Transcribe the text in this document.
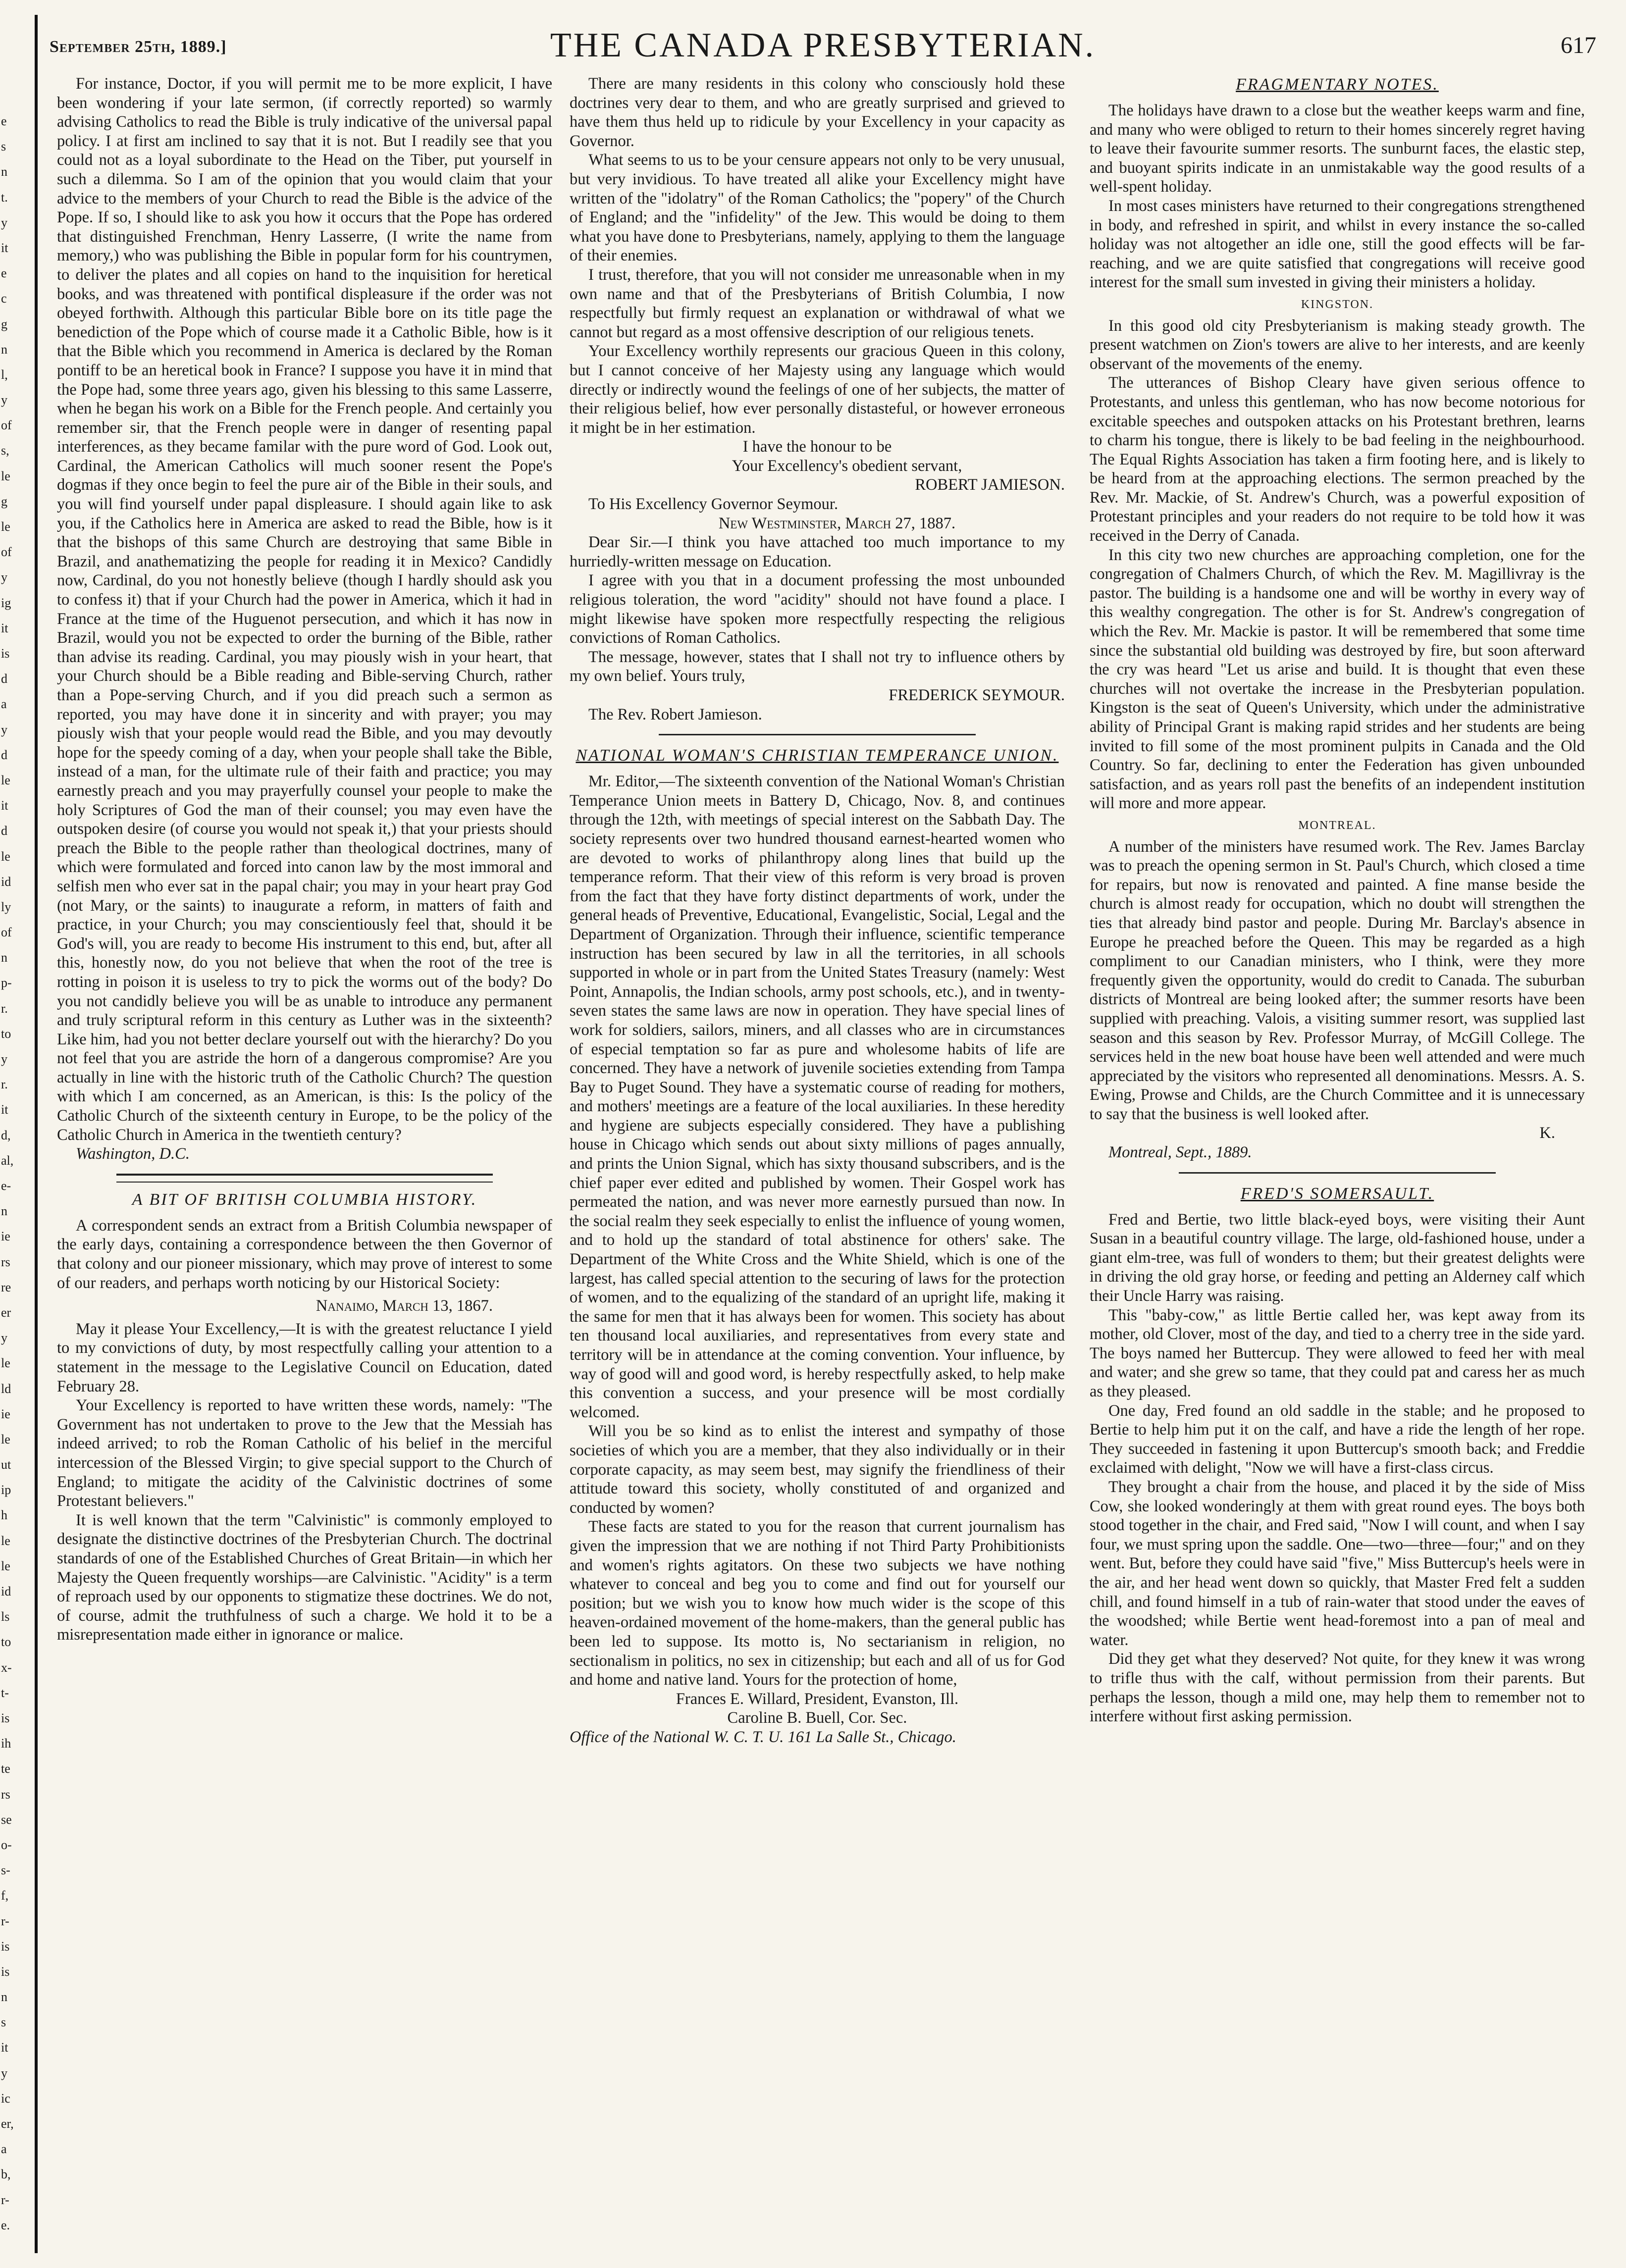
e
s
n
t.
y
it
e
c
g
n
l,
y
of
s,
le
g
le
of
y
ig
it
is
d
a
y
d
le
it
d
le
id
ly
of
n
p-
r.
to
y
r.
it
d,
al,
e-
n
ie
rs
re
er
y
le
ld
ie
le
ut
ip
h
le
le
id
ls
to
x-
t-
is
ih
te
rs
se
o-
s-
f,
r-
is
is
n
s
it
y
ic
er,
a
b,
r-
e.
September 25th, 1889.]	THE CANADA PRESBYTERIAN.	617

For instance, Doctor, if you will permit me to be more explicit, I have been wondering if your late sermon, (if correctly reported) so warmly advising Catholics to read the Bible is truly indicative of the universal papal policy. I at first am inclined to say that it is not. But I readily see that you could not as a loyal subordinate to the Head on the Tiber, put yourself in such a dilemma. So I am of the opinion that you would claim that your advice to the members of your Church to read the Bible is the advice of the Pope. If so, I should like to ask you how it occurs that the Pope has ordered that distinguished Frenchman, Henry Lasserre, (I write the name from memory,) who was publishing the Bible in popular form for his countrymen, to deliver the plates and all copies on hand to the inquisition for heretical books, and was threatened with pontifical displeasure if the order was not obeyed forthwith. Although this particular Bible bore on its title page the benediction of the Pope which of course made it a Catholic Bible, how is it that the Bible which you recommend in America is declared by the Roman pontiff to be an heretical book in France? I suppose you have it in mind that the Pope had, some three years ago, given his blessing to this same Lasserre, when he began his work on a Bible for the French people. And certainly you remember sir, that the French people were in danger of resenting papal interferences, as they became familar with the pure word of God. Look out, Cardinal, the American Catholics will much sooner resent the Pope's dogmas if they once begin to feel the pure air of the Bible in their souls, and you will find yourself under papal displeasure. I should again like to ask you, if the Catholics here in America are asked to read the Bible, how is it that the bishops of this same Church are destroying that same Bible in Brazil, and anathematizing the people for reading it in Mexico? Candidly now, Cardinal, do you not honestly believe (though I hardly should ask you to confess it) that if your Church had the power in America, which it had in France at the time of the Huguenot persecution, and which it has now in Brazil, would you not be expected to order the burning of the Bible, rather than advise its reading. Cardinal, you may piously wish in your heart, that your Church should be a Bible reading and Bible-serving Church, rather than a Pope-serving Church, and if you did preach such a sermon as reported, you may have done it in sincerity and with prayer; you may piously wish that your people would read the Bible, and you may devoutly hope for the speedy coming of a day, when your people shall take the Bible, instead of a man, for the ultimate rule of their faith and practice; you may earnestly preach and you may prayerfully counsel your people to make the holy Scriptures of God the man of their counsel; you may even have the outspoken desire (of course you would not speak it,) that your priests should preach the Bible to the people rather than theological doctrines, many of which were formulated and forced into canon law by the most immoral and selfish men who ever sat in the papal chair; you may in your heart pray God (not Mary, or the saints) to inaugurate a reform, in matters of faith and practice, in your Church; you may conscientiously feel that, should it be God's will, you are ready to become His instrument to this end, but, after all this, honestly now, do you not believe that when the root of the tree is rotting in poison it is useless to try to pick the worms out of the body? Do you not candidly believe you will be as unable to introduce any permanent and truly scriptural reform in this century as Luther was in the sixteenth? Like him, had you not better declare yourself out with the hierarchy? Do you not feel that you are astride the horn of a dangerous compromise? Are you actually in line with the historic truth of the Catholic Church? The question with which I am concerned, as an American, is this: Is the policy of the Catholic Church of the sixteenth century in Europe, to be the policy of the Catholic Church in America in the twentieth century?

Washington, D.C.

A BIT OF BRITISH COLUMBIA HISTORY.

A correspondent sends an extract from a British Columbia newspaper of the early days, containing a correspondence between the then Governor of that colony and our pioneer missionary, which may prove of interest to some of our readers, and perhaps worth noticing by our Historical Society:

Nanaimo, March 13, 1867.

May it please Your Excellency,—It is with the greatest reluctance I yield to my convictions of duty, by most respectfully calling your attention to a statement in the message to the Legislative Council on Education, dated February 28.

Your Excellency is reported to have written these words, namely: "The Government has not undertaken to prove to the Jew that the Messiah has indeed arrived; to rob the Roman Catholic of his belief in the merciful intercession of the Blessed Virgin; to give special support to the Church of England; to mitigate the acidity of the Calvinistic doctrines of some Protestant believers."

It is well known that the term "Calvinistic" is commonly employed to designate the distinctive doctrines of the Presbyterian Church. The doctrinal standards of one of the Established Churches of Great Britain—in which her Majesty the Queen frequently worships—are Calvinistic. "Acidity" is a term of reproach used by our opponents to stigmatize these doctrines. We do not, of course, admit the truthfulness of such a charge. We hold it to be a misrepresentation made either in ignorance or malice.

There are many residents in this colony who consciously hold these doctrines very dear to them, and who are greatly surprised and grieved to have them thus held up to ridicule by your Excellency in your capacity as Governor.

What seems to us to be your censure appears not only to be very unusual, but very invidious. To have treated all alike your Excellency might have written of the "idolatry" of the Roman Catholics; the "popery" of the Church of England; and the "infidelity" of the Jew. This would be doing to them what you have done to Presbyterians, namely, applying to them the language of their enemies.

I trust, therefore, that you will not consider me unreasonable when in my own name and that of the Presbyterians of British Columbia, I now respectfully but firmly request an explanation or withdrawal of what we cannot but regard as a most offensive description of our religious tenets.

Your Excellency worthily represents our gracious Queen in this colony, but I cannot conceive of her Majesty using any language which would directly or indirectly wound the feelings of one of her subjects, the matter of their religious belief, how ever personally distasteful, or however erroneous it might be in her estimation.

I have the honour to be
Your Excellency's obedient servant,
ROBERT JAMIESON.

To His Excellency Governor Seymour.

New Westminster, March 27, 1887.

Dear Sir.—I think you have attached too much importance to my hurriedly-written message on Education.

I agree with you that in a document professing the most unbounded religious toleration, the word "acidity" should not have found a place. I might likewise have spoken more respectfully respecting the religious convictions of Roman Catholics.

The message, however, states that I shall not try to influence others by my own belief. Yours truly,

FREDERICK SEYMOUR.

The Rev. Robert Jamieson.

NATIONAL WOMAN'S CHRISTIAN TEMPERANCE UNION.

Mr. Editor,—The sixteenth convention of the National Woman's Christian Temperance Union meets in Battery D, Chicago, Nov. 8, and continues through the 12th, with meetings of special interest on the Sabbath Day. The society represents over two hundred thousand earnest-hearted women who are devoted to works of philanthropy along lines that build up the temperance reform. That their view of this reform is very broad is proven from the fact that they have forty distinct departments of work, under the general heads of Preventive, Educational, Evangelistic, Social, Legal and the Department of Organization. Through their influence, scientific temperance instruction has been secured by law in all the territories, in all schools supported in whole or in part from the United States Treasury (namely: West Point, Annapolis, the Indian schools, army post schools, etc.), and in twenty-seven states the same laws are now in operation. They have special lines of work for soldiers, sailors, miners, and all classes who are in circumstances of especial temptation so far as pure and wholesome habits of life are concerned. They have a network of juvenile societies extending from Tampa Bay to Puget Sound. They have a systematic course of reading for mothers, and mothers' meetings are a feature of the local auxiliaries. In these heredity and hygiene are subjects especially considered. They have a publishing house in Chicago which sends out about sixty millions of pages annually, and prints the Union Signal, which has sixty thousand subscribers, and is the chief paper ever edited and published by women. Their Gospel work has permeated the nation, and was never more earnestly pursued than now. In the social realm they seek especially to enlist the influence of young women, and to hold up the standard of total abstinence for others' sake. The Department of the White Cross and the White Shield, which is one of the largest, has called special attention to the securing of laws for the protection of women, and to the equalizing of the standard of an upright life, making it the same for men that it has always been for women. This society has about ten thousand local auxiliaries, and representatives from every state and territory will be in attendance at the coming convention. Your influence, by way of good will and good word, is hereby respectfully asked, to help make this convention a success, and your presence will be most cordially welcomed.

Will you be so kind as to enlist the interest and sympathy of those societies of which you are a member, that they also individually or in their corporate capacity, as may seem best, may signify the friendliness of their attitude toward this society, wholly constituted of and organized and conducted by women?

These facts are stated to you for the reason that current journalism has given the impression that we are nothing if not Third Party Prohibitionists and women's rights agitators. On these two subjects we have nothing whatever to conceal and beg you to come and find out for yourself our position; but we wish you to know how much wider is the scope of this heaven-ordained movement of the home-makers, than the general public has been led to suppose. Its motto is, No sectarianism in religion, no sectionalism in politics, no sex in citizenship; but each and all of us for God and home and native land. Yours for the protection of home,

Frances E. Willard, President, Evanston, Ill.
Caroline B. Buell, Cor. Sec.

Office of the National W. C. T. U. 161 La Salle St., Chicago.

FRAGMENTARY NOTES.

The holidays have drawn to a close but the weather keeps warm and fine, and many who were obliged to return to their homes sincerely regret having to leave their favourite summer resorts. The sunburnt faces, the elastic step, and buoyant spirits indicate in an unmistakable way the good results of a well-spent holiday.

In most cases ministers have returned to their congregations strengthened in body, and refreshed in spirit, and whilst in every instance the so-called holiday was not altogether an idle one, still the good effects will be far-reaching, and we are quite satisfied that congregations will receive good interest for the small sum invested in giving their ministers a holiday.

KINGSTON.

In this good old city Presbyterianism is making steady growth. The present watchmen on Zion's towers are alive to her interests, and are keenly observant of the movements of the enemy.

The utterances of Bishop Cleary have given serious offence to Protestants, and unless this gentleman, who has now become notorious for excitable speeches and outspoken attacks on his Protestant brethren, learns to charm his tongue, there is likely to be bad feeling in the neighbourhood. The Equal Rights Association has taken a firm footing here, and is likely to be heard from at the approaching elections. The sermon preached by the Rev. Mr. Mackie, of St. Andrew's Church, was a powerful exposition of Protestant principles and your readers do not require to be told how it was received in the Derry of Canada.

In this city two new churches are approaching completion, one for the congregation of Chalmers Church, of which the Rev. M. Magillivray is the pastor. The building is a handsome one and will be worthy in every way of this wealthy congregation. The other is for St. Andrew's congregation of which the Rev. Mr. Mackie is pastor. It will be remembered that some time since the substantial old building was destroyed by fire, but soon afterward the cry was heard "Let us arise and build. It is thought that even these churches will not overtake the increase in the Presbyterian population. Kingston is the seat of Queen's University, which under the administrative ability of Principal Grant is making rapid strides and her students are being invited to fill some of the most prominent pulpits in Canada and the Old Country. So far, declining to enter the Federation has given unbounded satisfaction, and as years roll past the benefits of an independent institution will more and more appear.

MONTREAL.

A number of the ministers have resumed work. The Rev. James Barclay was to preach the opening sermon in St. Paul's Church, which closed a time for repairs, but now is renovated and painted. A fine manse beside the church is almost ready for occupation, which no doubt will strengthen the ties that already bind pastor and people. During Mr. Barclay's absence in Europe he preached before the Queen. This may be regarded as a high compliment to our Canadian ministers, who I think, were they more frequently given the opportunity, would do credit to Canada. The suburban districts of Montreal are being looked after; the summer resorts have been supplied with preaching. Valois, a visiting summer resort, was supplied last season and this season by Rev. Professor Murray, of McGill College. The services held in the new boat house have been well attended and were much appreciated by the visitors who represented all denominations. Messrs. A. S. Ewing, Prowse and Childs, are the Church Committee and it is unnecessary to say that the business is well looked after.

K.

Montreal, Sept., 1889.

FRED'S SOMERSAULT.

Fred and Bertie, two little black-eyed boys, were visiting their Aunt Susan in a beautiful country village. The large, old-fashioned house, under a giant elm-tree, was full of wonders to them; but their greatest delights were in driving the old gray horse, or feeding and petting an Alderney calf which their Uncle Harry was raising.

This "baby-cow," as little Bertie called her, was kept away from its mother, old Clover, most of the day, and tied to a cherry tree in the side yard. The boys named her Buttercup. They were allowed to feed her with meal and water; and she grew so tame, that they could pat and caress her as much as they pleased.

One day, Fred found an old saddle in the stable; and he proposed to Bertie to help him put it on the calf, and have a ride the length of her rope. They succeeded in fastening it upon Buttercup's smooth back; and Freddie exclaimed with delight, "Now we will have a first-class circus.

They brought a chair from the house, and placed it by the side of Miss Cow, she looked wonderingly at them with great round eyes. The boys both stood together in the chair, and Fred said, "Now I will count, and when I say four, we must spring upon the saddle. One—two—three—four;" and on they went. But, before they could have said "five," Miss Buttercup's heels were in the air, and her head went down so quickly, that Master Fred felt a sudden chill, and found himself in a tub of rain-water that stood under the eaves of the woodshed; while Bertie went head-foremost into a pan of meal and water.

Did they get what they deserved? Not quite, for they knew it was wrong to trifle thus with the calf, without permission from their parents. But perhaps the lesson, though a mild one, may help them to remember not to interfere without first asking permission.
